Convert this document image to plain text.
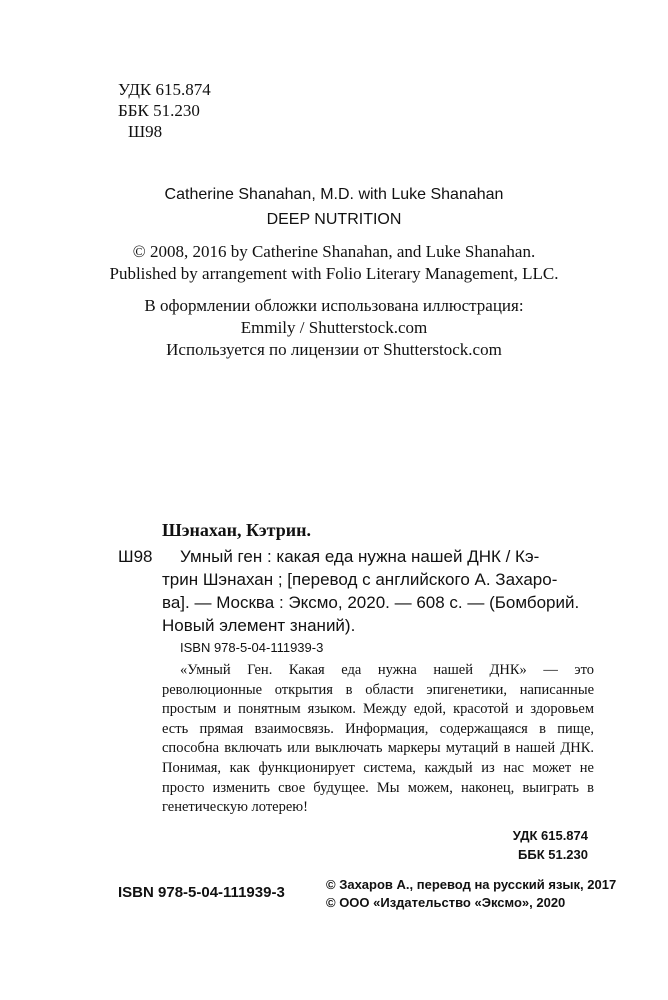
УДК 615.874

ББК 51.230

Ш98

Catherine Shanahan, M.D. with Luke Shanahan

DEEP NUTRITION

© 2008, 2016 by Catherine Shanahan, and Luke Shanahan.

Published by arrangement with Folio Literary Management, LLC.

В оформлении обложки использована иллюстрация:

Emmily / Shutterstock.com

Используется по лицензии от Shutterstock.com

Шэнахан, Кэтрин.

Ш98 Умный ген : какая еда нужна нашей ДНК / Кэ-

трин Шэнахан ; [перевод с английского А. Захаро-

ва]. — Москва : Эксмо, 2020. — 608 с. — (Бомборий.

Новый элемент знаний).

ISBN 978-5-04-111939-3

«Умный Ген. Какая еда нужна нашей ДНК» — это революционные открытия в области эпигенетики, написанные простым и понятным языком. Между едой, красотой и здоровьем есть прямая взаимосвязь. Информация, содержащаяся в пище, способна включать или выключать маркеры мутаций в нашей ДНК. Понимая, как функционирует система, каждый из нас может не просто изменить свое будущее. Мы можем, наконец, выиграть в генетическую лотерею!

УДК 615.874

ББК 51.230

ISBN 978-5-04-111939-3	© Захаров А., перевод на русский язык, 2017

© ООО «Издательство «Эксмо», 2020
